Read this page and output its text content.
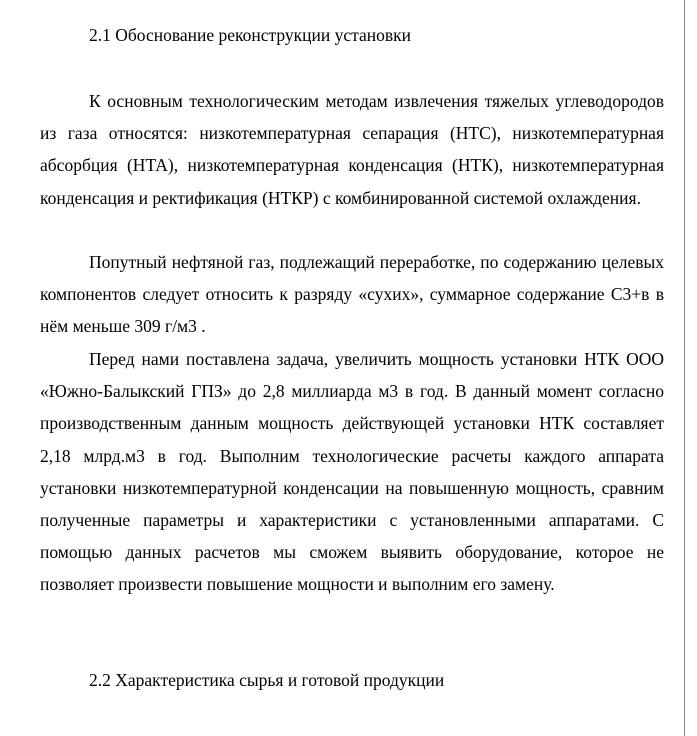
2.1 Обоснование реконструкции установки

К основным технологическим методам извлечения тяжелых углеводородов из газа относятся: низкотемпературная сепарация (НТС), низкотемпературная абсорбция (НТА), низкотемпературная конденсация (НТК), низкотемпературная конденсация и ректификация (НТКР) с комбинированной системой охлаждения.

Попутный нефтяной газ, подлежащий переработке, по содержанию целевых компонентов следует относить к разряду «сухих», суммарное содержание С3+в в нём меньше 309 г/м3 .

Перед нами поставлена задача, увеличить мощность установки НТК ООО «Южно-Балыкский ГПЗ» до 2,8 миллиарда м3 в год. В данный момент согласно производственным данным мощность действующей установки НТК составляет 2,18 млрд.м3 в год. Выполним технологические расчеты каждого аппарата установки низкотемпературной конденсации на повышенную мощность, сравним полученные параметры и характеристики с установленными аппаратами. С помощью данных расчетов мы сможем выявить оборудование, которое не позволяет произвести повышение мощности и выполним его замену.

2.2 Характеристика сырья и готовой продукции
